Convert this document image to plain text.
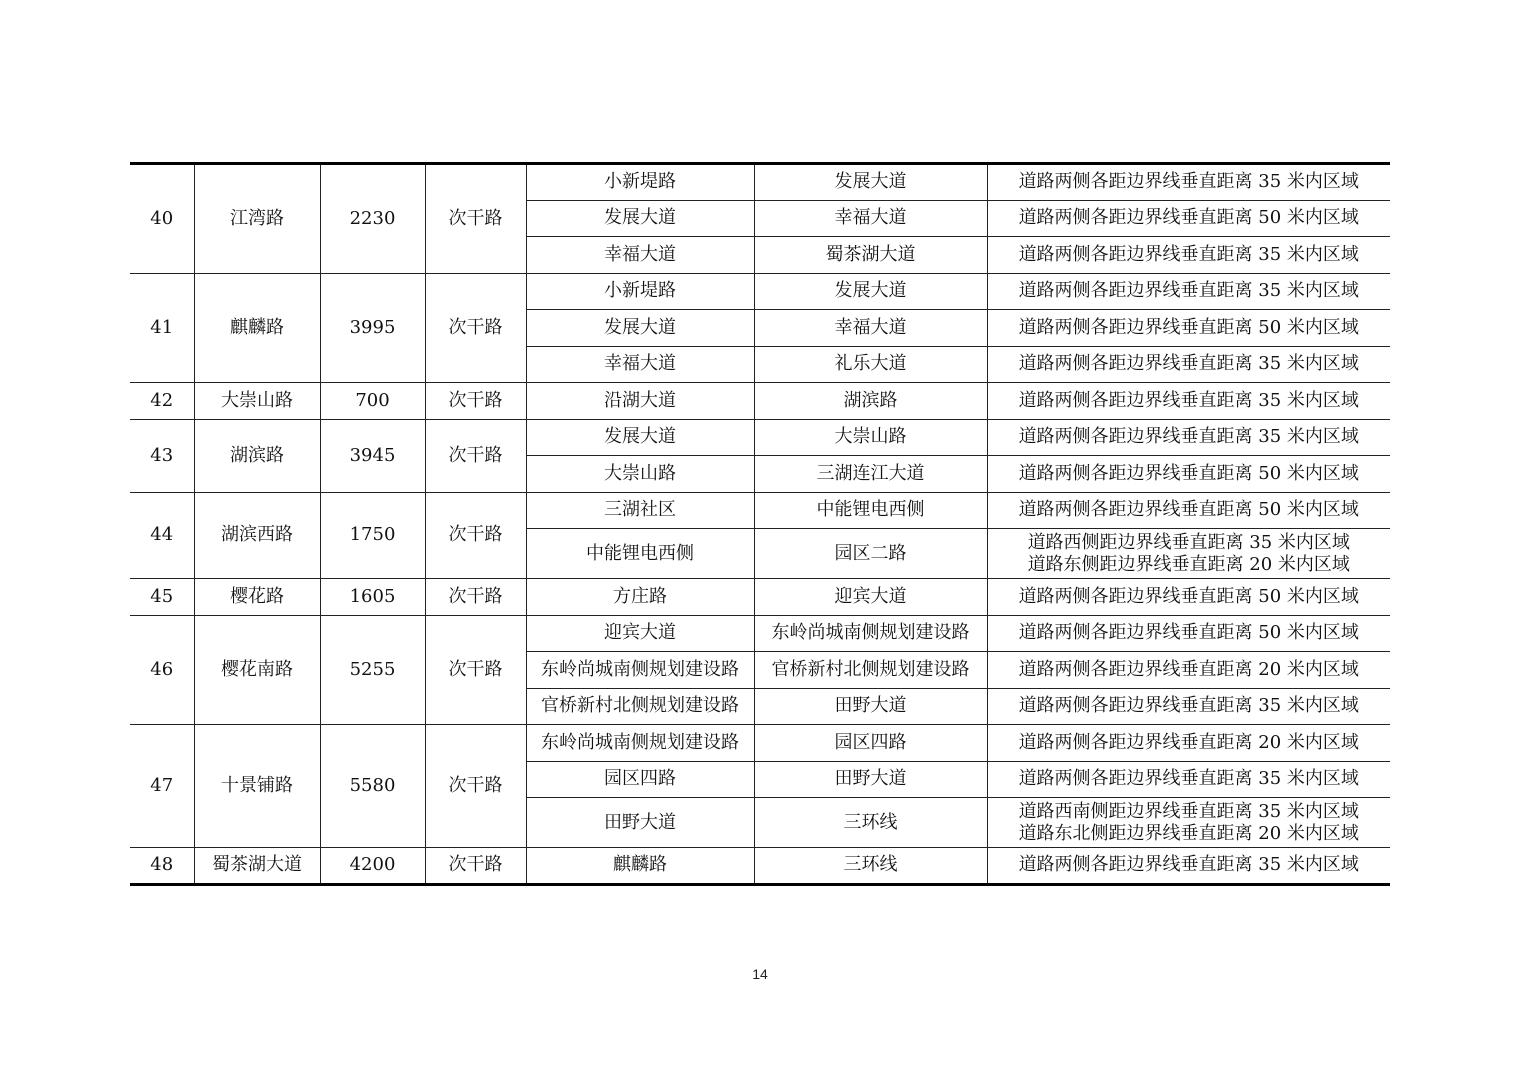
40	江湾路	2230	次干路	小新堤路	发展大道	道路两侧各距边界线垂直距离 35 米内区域

				发展大道	幸福大道	道路两侧各距边界线垂直距离 50 米内区域

				幸福大道	蜀茶湖大道	道路两侧各距边界线垂直距离 35 米内区域

41	麒麟路	3995	次干路	小新堤路	发展大道	道路两侧各距边界线垂直距离 35 米内区域

				发展大道	幸福大道	道路两侧各距边界线垂直距离 50 米内区域

				幸福大道	礼乐大道	道路两侧各距边界线垂直距离 35 米内区域

42	大崇山路	700	次干路	沿湖大道	湖滨路	道路两侧各距边界线垂直距离 35 米内区域

43	湖滨路	3945	次干路	发展大道	大崇山路	道路两侧各距边界线垂直距离 35 米内区域

				大崇山路	三湖连江大道	道路两侧各距边界线垂直距离 50 米内区域

44	湖滨西路	1750	次干路	三湖社区	中能锂电西侧	道路两侧各距边界线垂直距离 50 米内区域

				中能锂电西侧	园区二路	道路西侧距边界线垂直距离 35 米内区域
道路东侧距边界线垂直距离 20 米内区域

45	樱花路	1605	次干路	方庄路	迎宾大道	道路两侧各距边界线垂直距离 50 米内区域

46	樱花南路	5255	次干路	迎宾大道	东岭尚城南侧规划建设路	道路两侧各距边界线垂直距离 50 米内区域

				东岭尚城南侧规划建设路	官桥新村北侧规划建设路	道路两侧各距边界线垂直距离 20 米内区域

				官桥新村北侧规划建设路	田野大道	道路两侧各距边界线垂直距离 35 米内区域

47	十景铺路	5580	次干路	东岭尚城南侧规划建设路	园区四路	道路两侧各距边界线垂直距离 20 米内区域

				园区四路	田野大道	道路两侧各距边界线垂直距离 35 米内区域

				田野大道	三环线	道路西南侧距边界线垂直距离 35 米内区域
道路东北侧距边界线垂直距离 20 米内区域

48	蜀茶湖大道	4200	次干路	麒麟路	三环线	道路两侧各距边界线垂直距离 35 米内区域
14
